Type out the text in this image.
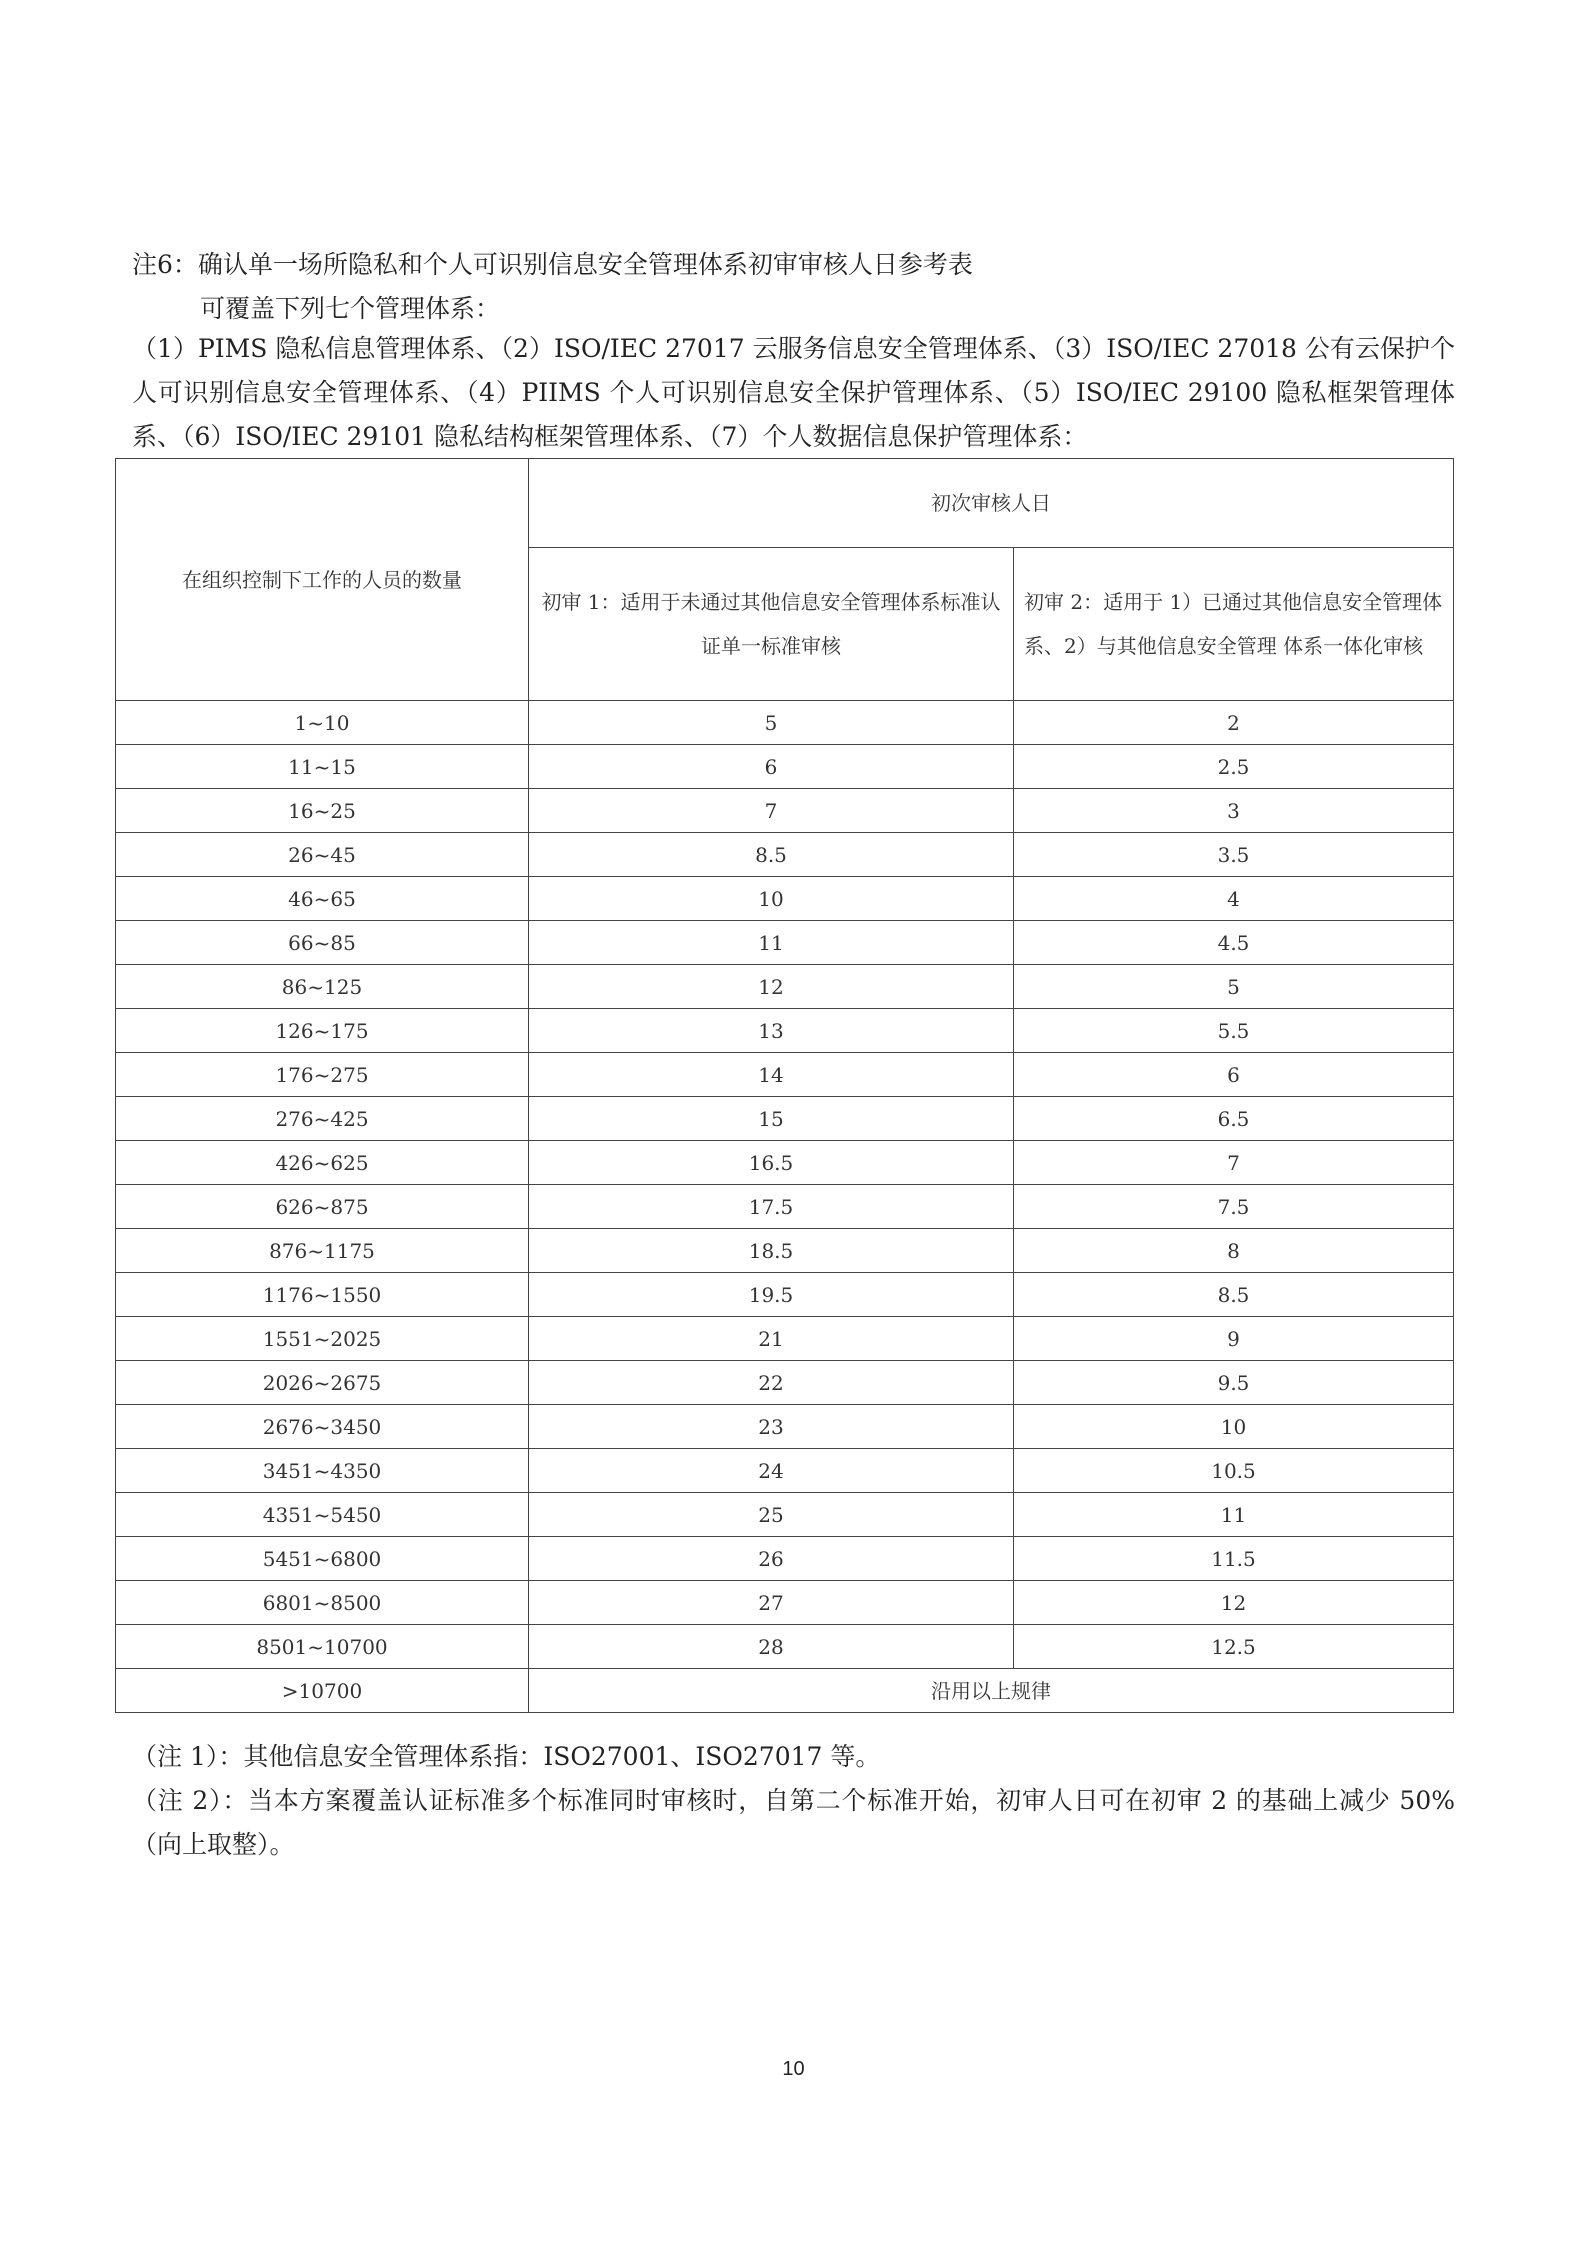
注6：确认单一场所隐私和个人可识别信息安全管理体系初审审核人日参考表
可覆盖下列七个管理体系：
（1）PIMS 隐私信息管理体系、（2）ISO/IEC 27017 云服务信息安全管理体系、（3）ISO/IEC 27018 公有云保护个人可识别信息安全管理体系、（4）PIIMS 个人可识别信息安全保护管理体系、（5）ISO/IEC 29100 隐私框架管理体系、（6）ISO/IEC 29101 隐私结构框架管理体系、（7）个人数据信息保护管理体系：
在组织控制下工作的人员的数量	初次审核人日	
	初审 1：适用于未通过其他信息安全管理体系标准认证单一标准审核	初审 2：适用于 1）已通过其他信息安全管理体系、2）与其他信息安全管理 体系一体化审核
1~10	5	2
11~15	6	2.5
16~25	7	3
26~45	8.5	3.5
46~65	10	4
66~85	11	4.5
86~125	12	5
126~175	13	5.5
176~275	14	6
276~425	15	6.5
426~625	16.5	7
626~875	17.5	7.5
876~1175	18.5	8
1176~1550	19.5	8.5
1551~2025	21	9
2026~2675	22	9.5
2676~3450	23	10
3451~4350	24	10.5
4351~5450	25	11
5451~6800	26	11.5
6801~8500	27	12
8501~10700	28	12.5
>10700	沿用以上规律	
（注 1）：其他信息安全管理体系指：ISO27001、ISO27017 等。
（注 2）：当本方案覆盖认证标准多个标准同时审核时，自第二个标准开始，初审人日可在初审 2 的基础上减少 50%（向上取整）。
10
